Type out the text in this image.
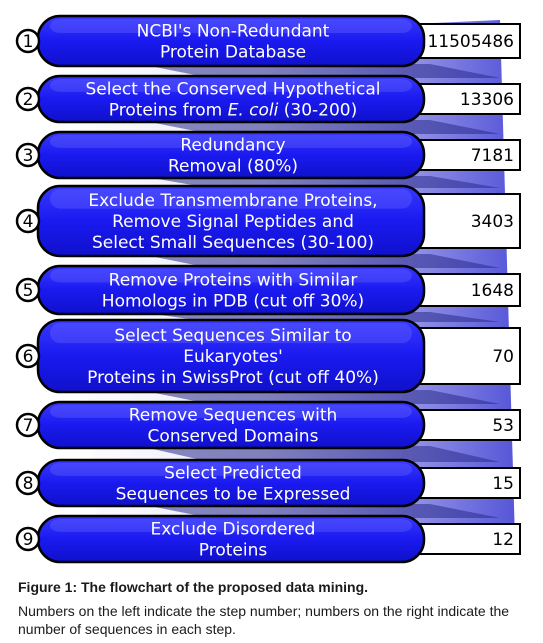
1
NCBI's Non-Redundant
Protein Database
11505486
2
Select the Conserved Hypothetical
Proteins from E. coli (30-200)
13306
3
Redundancy
Removal (80%)
7181
4
Exclude Transmembrane Proteins,
Remove Signal Peptides and
Select Small Sequences (30-100)
3403
5
Remove Proteins with Similar
Homologs in PDB (cut off 30%)
1648
6
Select Sequences Similar to
Eukaryotes'
Proteins in SwissProt (cut off 40%)
70
7
Remove Sequences with
Conserved Domains
53
8
Select Predicted
Sequences to be Expressed
15
9
Exclude Disordered
Proteins
12

Figure 1: The flowchart of the proposed data mining.

Numbers on the left indicate the step number; numbers on the right indicate the number of sequences in each step.
